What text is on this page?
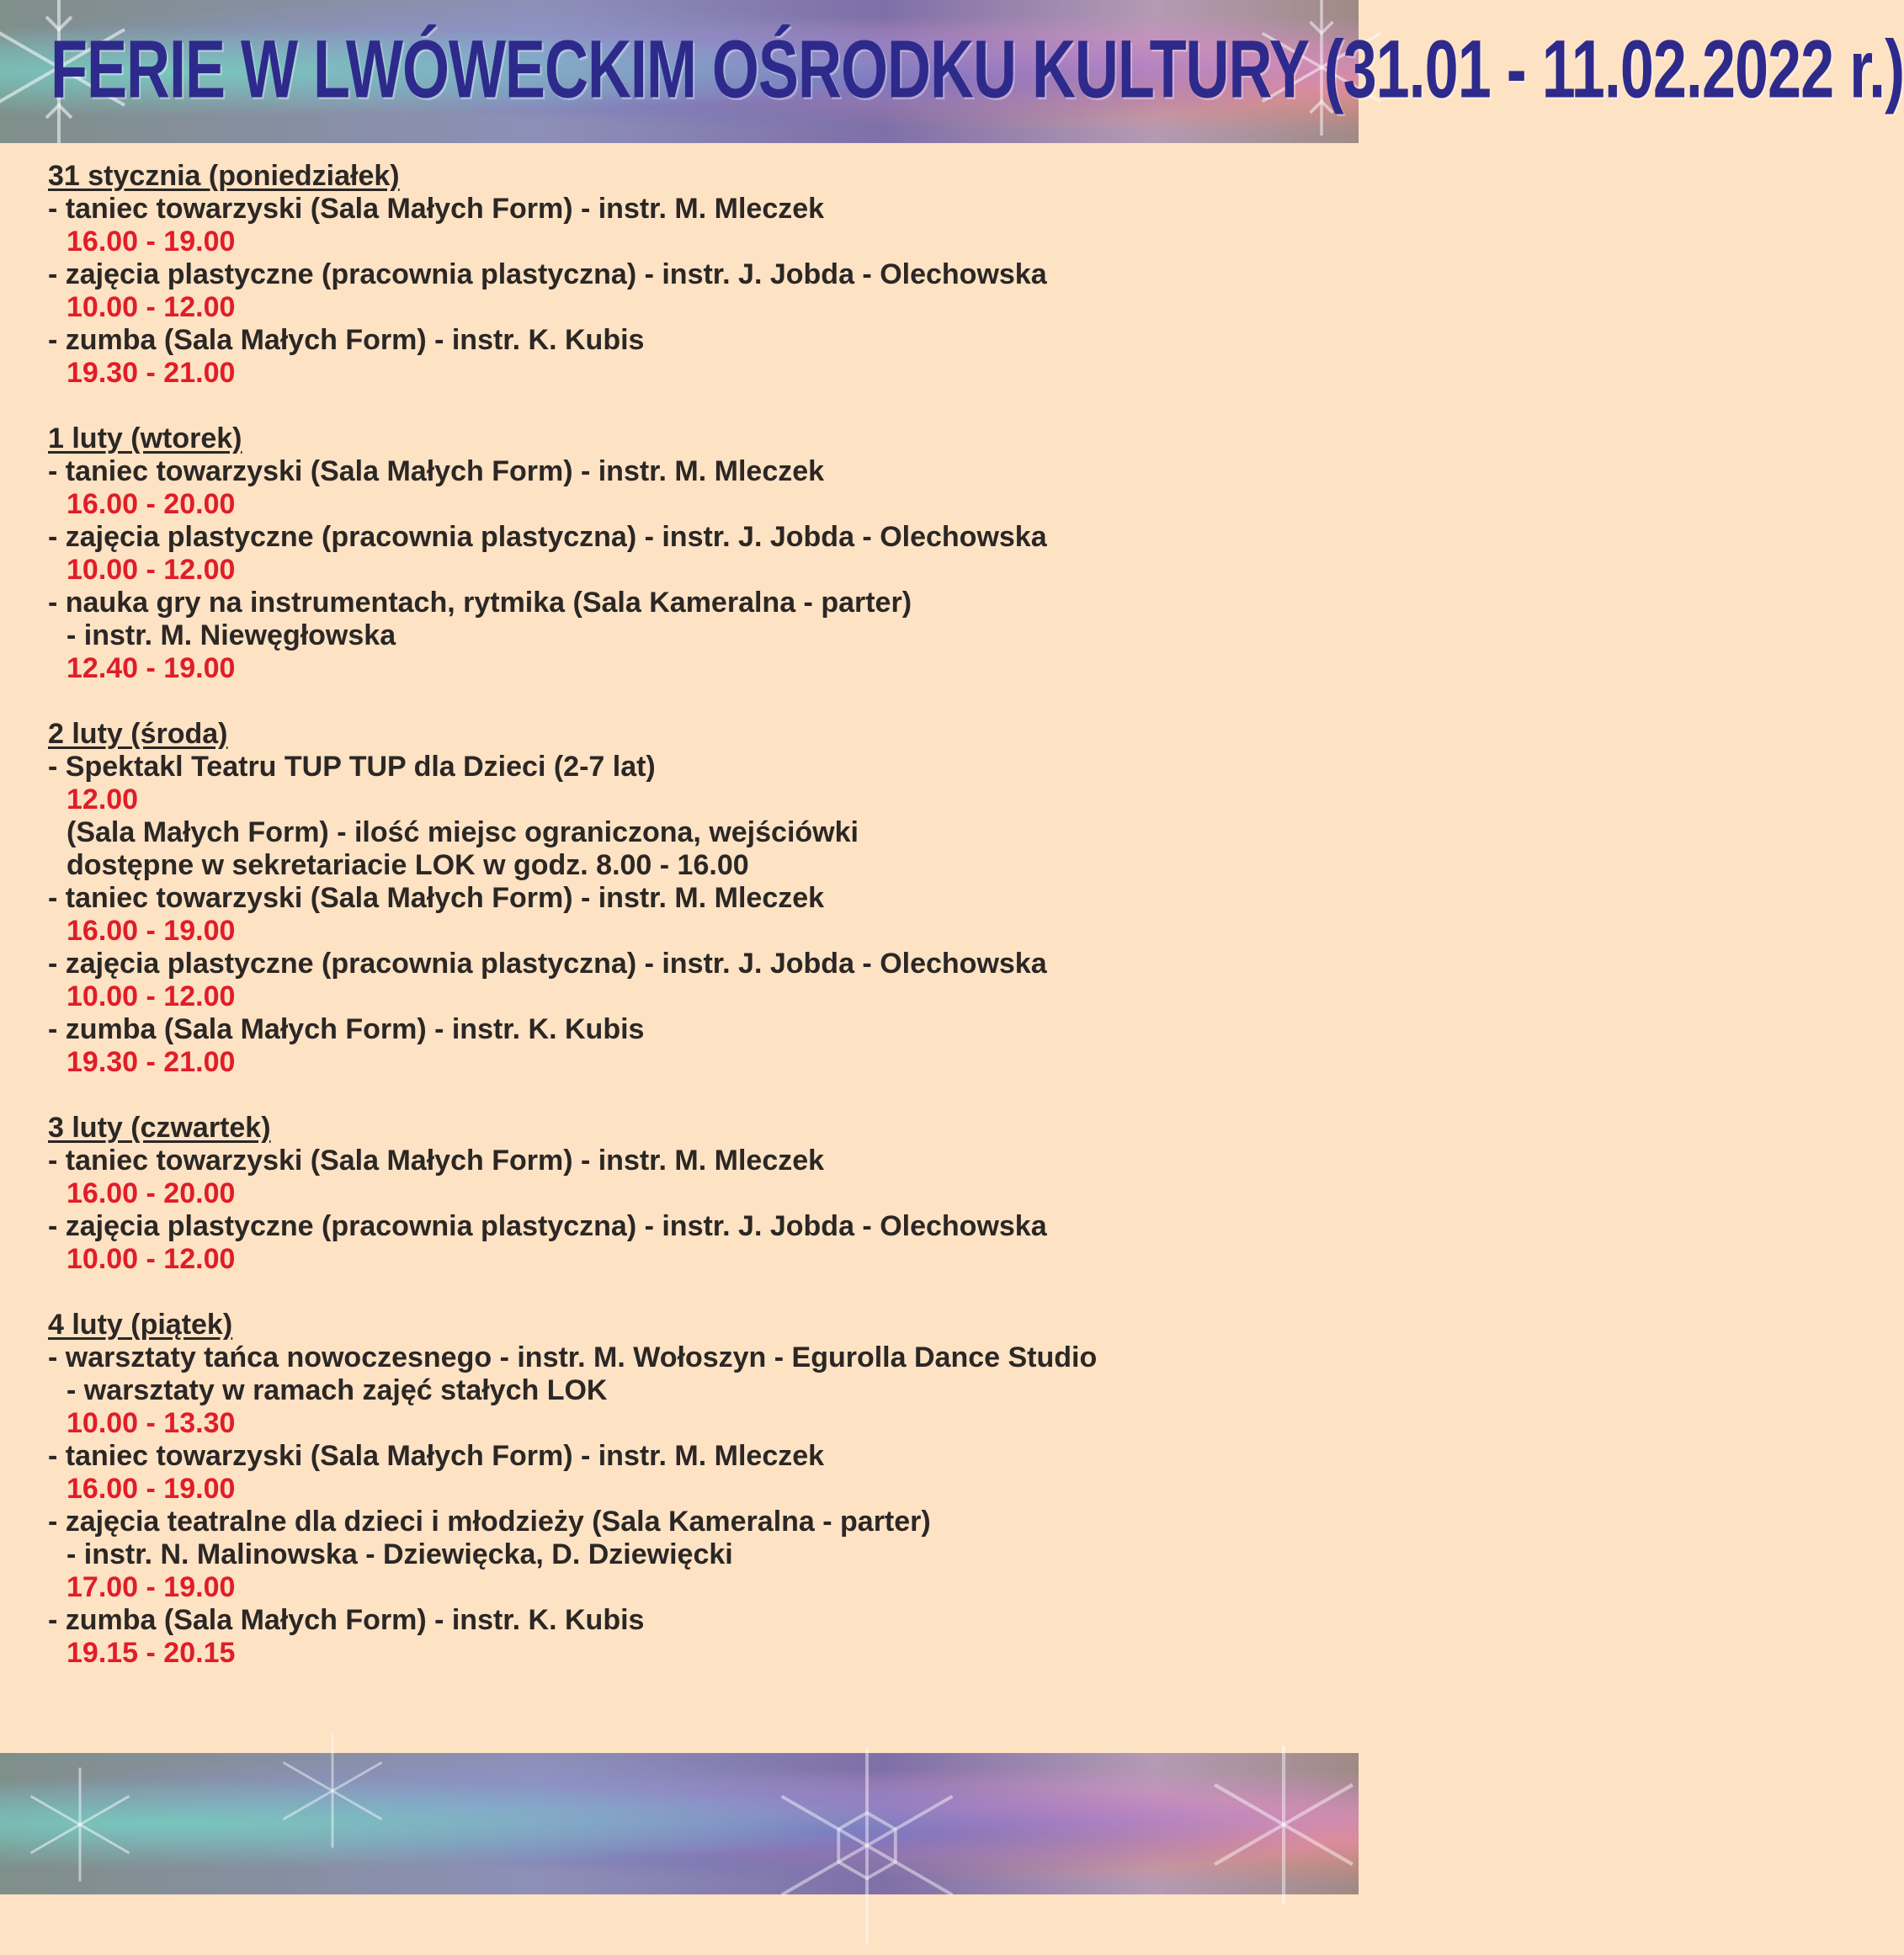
FERIE W LWÓWECKIM OŚRODKU KULTURY (31.01 - 11.02.2022 r.)
31 stycznia (poniedziałek)
- taniec towarzyski (Sala Małych Form) - instr. M. Mleczek
16.00 - 19.00
- zajęcia plastyczne (pracownia plastyczna) - instr. J. Jobda - Olechowska
10.00 - 12.00
- zumba (Sala Małych Form) - instr. K. Kubis
19.30 - 21.00
1 luty (wtorek)
- taniec towarzyski (Sala Małych Form) - instr. M. Mleczek
16.00 - 20.00
- zajęcia plastyczne (pracownia plastyczna) - instr. J. Jobda - Olechowska
10.00 - 12.00
- nauka gry na instrumentach, rytmika (Sala Kameralna - parter)
- instr. M. Niewęgłowska
12.40 - 19.00
2 luty (środa)
- Spektakl Teatru TUP TUP dla Dzieci (2-7 lat)
12.00
(Sala Małych Form) - ilość miejsc ograniczona, wejściówki
dostępne w sekretariacie LOK w godz. 8.00 - 16.00
- taniec towarzyski (Sala Małych Form) - instr. M. Mleczek
16.00 - 19.00
- zajęcia plastyczne (pracownia plastyczna) - instr. J. Jobda - Olechowska
10.00 - 12.00
- zumba (Sala Małych Form) - instr. K. Kubis
19.30 - 21.00
3 luty (czwartek)
- taniec towarzyski (Sala Małych Form) - instr. M. Mleczek
16.00 - 20.00
- zajęcia plastyczne (pracownia plastyczna) - instr. J. Jobda - Olechowska
10.00 - 12.00
4 luty (piątek)
- warsztaty tańca nowoczesnego - instr. M. Wołoszyn - Egurolla Dance Studio
- warsztaty w ramach zajęć stałych LOK
10.00 - 13.30
- taniec towarzyski (Sala Małych Form) - instr. M. Mleczek
16.00 - 19.00
- zajęcia teatralne dla dzieci i młodzieży (Sala Kameralna - parter)
- instr. N. Malinowska - Dziewięcka, D. Dziewięcki
17.00 - 19.00
- zumba (Sala Małych Form) - instr. K. Kubis
19.15 - 20.15
